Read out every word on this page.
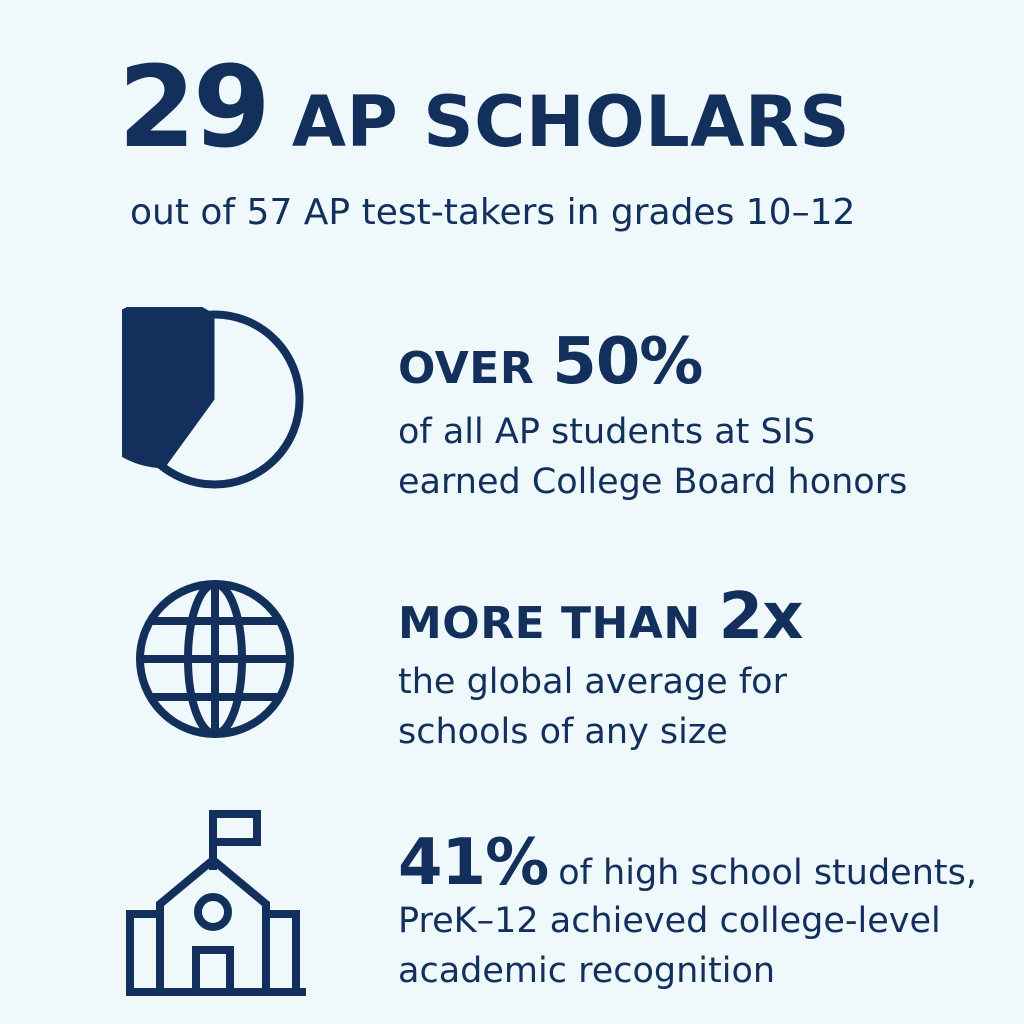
29 AP SCHOLARS
out of 57 AP test-takers in grades 10–12
OVER 50%
of all AP students at SIS
earned College Board honors
MORE THAN 2x
the global average for
schools of any size
41% of high school students,
PreK–12 achieved college-level
academic recognition
